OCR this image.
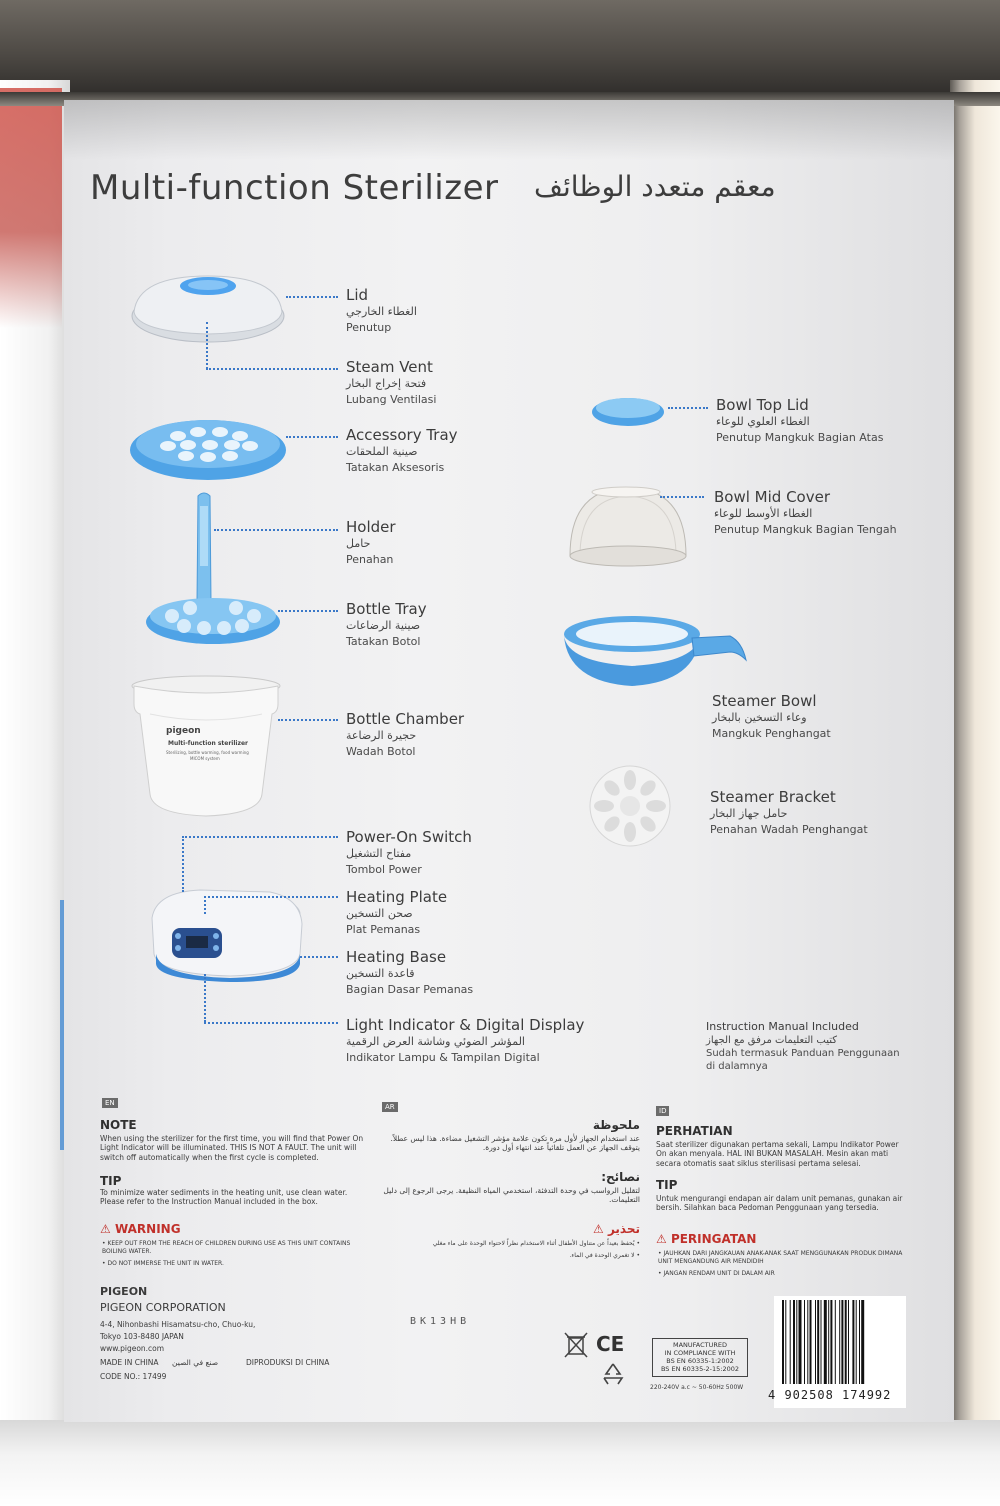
Multi-function Sterilizer معقم متعدد الوظائف
pigeon
Multi-function sterilizer
Sterilizing, bottle warming, food warming
MICOM system
Lid
الغطاء الخارجي
Penutup
Steam Vent
فتحة إخراج البخار
Lubang Ventilasi
Accessory Tray
صينية الملحقات
Tatakan Aksesoris
Holder
حامل
Penahan
Bottle Tray
صينية الرضاعات
Tatakan Botol
Bottle Chamber
حجيرة الرضاعة
Wadah Botol
Power-On Switch
مفتاح التشغيل
Tombol Power
Heating Plate
صحن التسخين
Plat Pemanas
Heating Base
قاعدة التسخين
Bagian Dasar Pemanas
Light Indicator & Digital Display
المؤشر الضوئي وشاشة العرض الرقمية
Indikator Lampu & Tampilan Digital
Bowl Top Lid
الغطاء العلوي للوعاء
Penutup Mangkuk Bagian Atas
Bowl Mid Cover
الغطاء الأوسط للوعاء
Penutup Mangkuk Bagian Tengah
Steamer Bowl
وعاء التسخين بالبخار
Mangkuk Penghangat
Steamer Bracket
حامل جهاز البخار
Penahan Wadah Penghangat
Instruction Manual Included
كتيب التعليمات مرفق مع الجهاز
Sudah termasuk Panduan Penggunaan
di dalamnya
EN
NOTE
When using the sterilizer for the first time, you will find that Power On Light Indicator will be illuminated. THIS IS NOT A FAULT. The unit will switch off automatically when the first cycle is completed.
TIP
To minimize water sediments in the heating unit, use clean water. Please refer to the Instruction Manual included in the box.
⚠ WARNING
• KEEP OUT FROM THE REACH OF CHILDREN DURING USE AS THIS UNIT CONTAINS BOILING WATER.
• DO NOT IMMERSE THE UNIT IN WATER.
AR
ملحوظة
عند استخدام الجهاز لأول مرة تكون علامة مؤشر التشغيل مضاءة. هذا ليس عطلاً. يتوقف الجهاز عن العمل تلقائياً عند انتهاء أول دورة.
نصائح:
لتقليل الرواسب في وحدة التدفئة، استخدمي المياه النظيفة. يرجى الرجوع إلى دليل التعليمات.
تحذير ⚠
• يُحفظ بعيداً عن متناول الأطفال أثناء الاستخدام نظراً لاحتواء الوحدة على ماء مغلي
• لا تغمري الوحدة في الماء.
ID
PERHATIAN
Saat sterilizer digunakan pertama sekali, Lampu Indikator Power On akan menyala. HAL INI BUKAN MASALAH. Mesin akan mati secara otomatis saat siklus sterilisasi pertama selesai.
TIP
Untuk mengurangi endapan air dalam unit pemanas, gunakan air bersih. Silahkan baca Pedoman Penggunaan yang tersedia.
⚠ PERINGATAN
• JAUHKAN DARI JANGKAUAN ANAK-ANAK SAAT MENGGUNAKAN PRODUK DIMANA UNIT MENGANDUNG AIR MENDIDIH
• JANGAN RENDAM UNIT DI DALAM AIR
PIGEON
PIGEON CORPORATION
4-4, Nihonbashi Hisamatsu-cho, Chuo-ku,
Tokyo 103-8480 JAPAN
www.pigeon.com
MADE IN CHINA صنع في الصين	DIPRODUKSI DI CHINA
CODE NO.: 17499
BK13HB
CE	MANUFACTURED
IN COMPLIANCE WITH
BS EN 60335-1:2002
BS EN 60335-2-15:2002
220-240V a.c ~ 50-60Hz 500W
4 902508 174992
